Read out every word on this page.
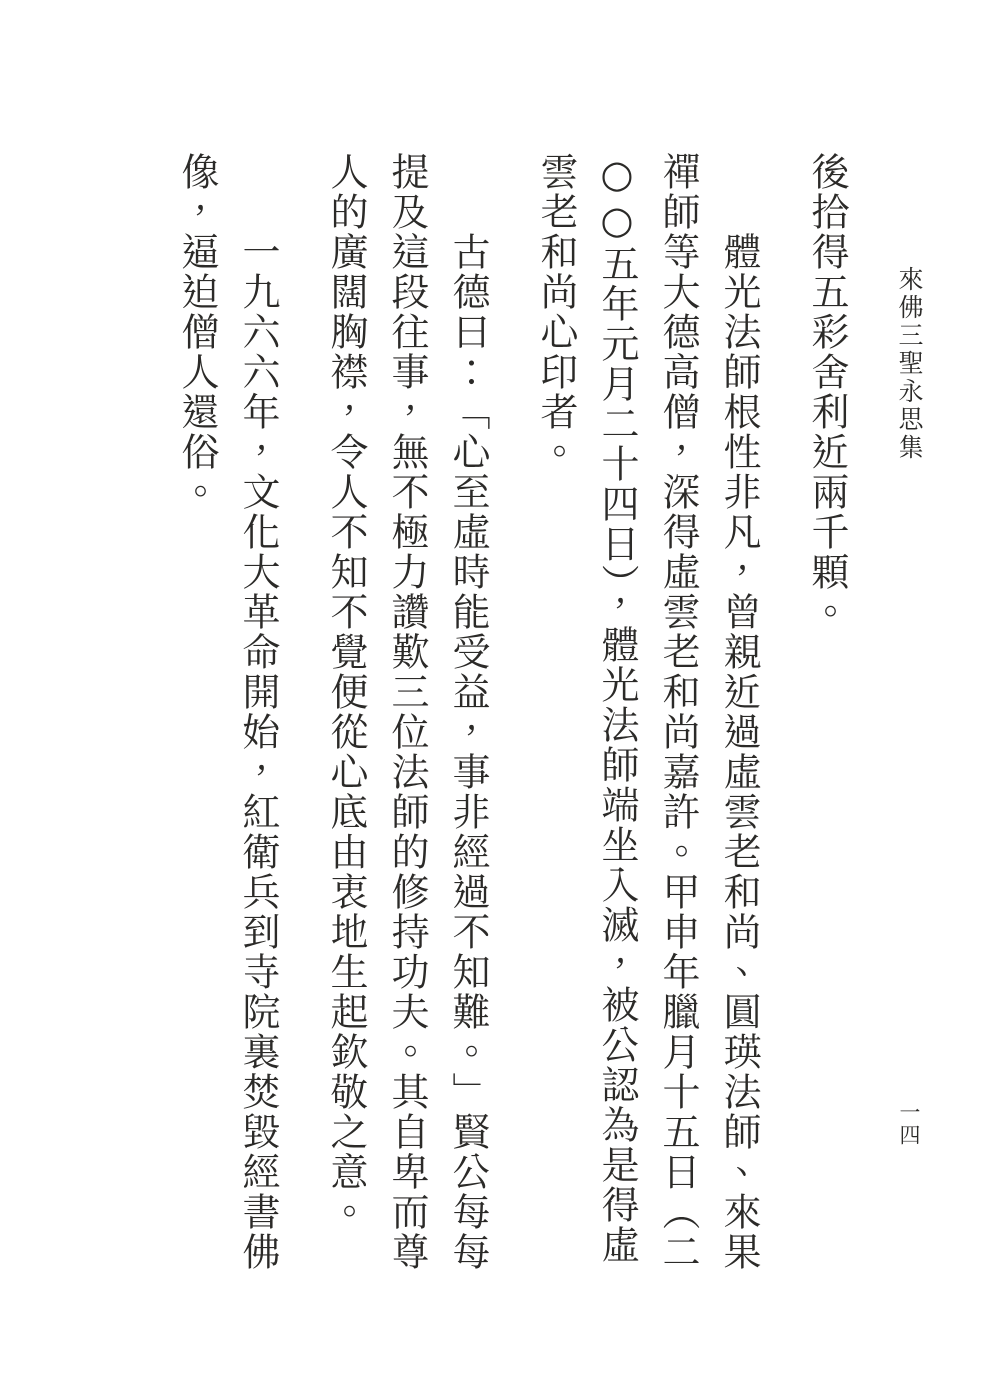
來佛三聖永思集

後拾得五彩舍利近兩千顆。

體光法師根性非凡，曾親近過虛雲老和尚、圓瑛法師、來果禪師等大德高僧，深得虛雲老和尚嘉許。甲申年臘月十五日（二○○五年元月二十四日），體光法師端坐入滅，被公認為是得虛雲老和尚心印者。

古德曰：「心至虛時能受益，事非經過不知難。」賢公每每提及這段往事，無不極力讚歎三位法師的修持功夫。其自卑而尊人的廣闊胸襟，令人不知不覺便從心底由衷地生起欽敬之意。

一九六六年，文化大革命開始，紅衛兵到寺院裏焚毀經書佛像，逼迫僧人還俗。

一四
